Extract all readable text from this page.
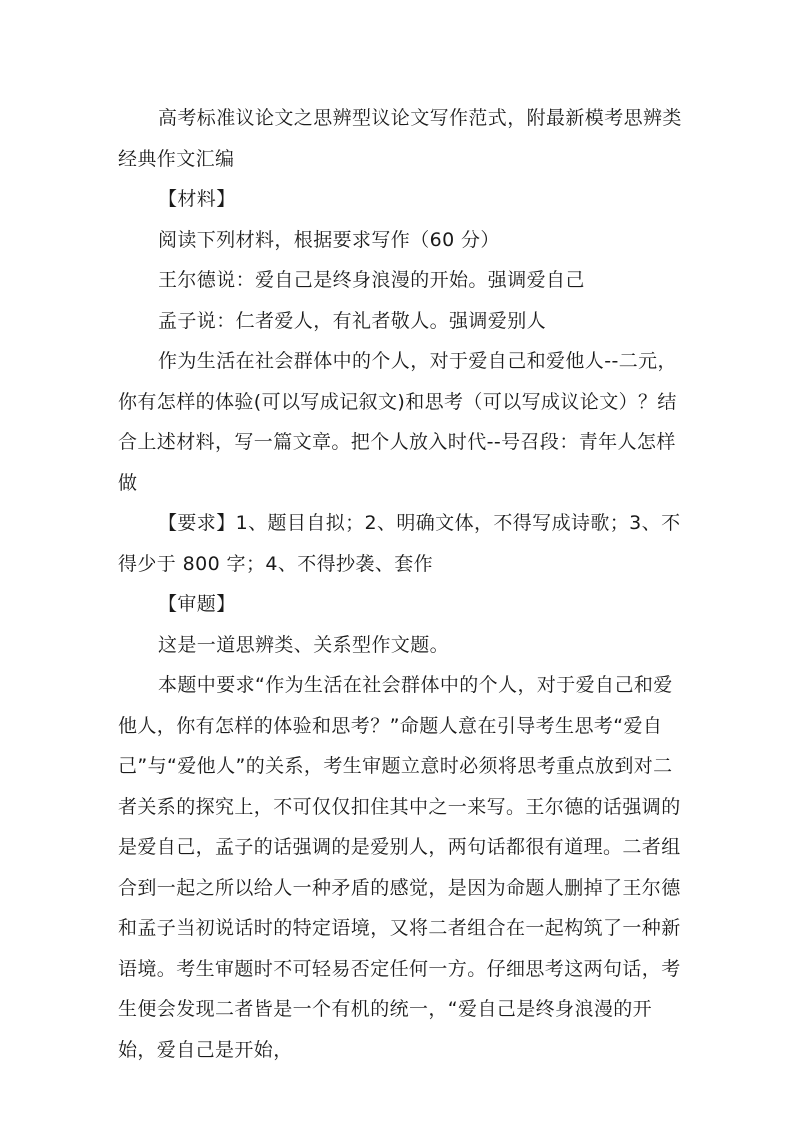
高考标准议论文之思辨型议论文写作范式，附最新模考思辨类经典作文汇编

【材料】

阅读下列材料，根据要求写作（60 分）

王尔德说：爱自己是终身浪漫的开始。强调爱自己

孟子说：仁者爱人，有礼者敬人。强调爱别人

作为生活在社会群体中的个人，对于爱自己和爱他人--二元，你有怎样的体验(可以写成记叙文)和思考（可以写成议论文）？结合上述材料，写一篇文章。把个人放入时代--号召段：青年人怎样做

【要求】1、题目自拟；2、明确文体，不得写成诗歌；3、不得少于 800 字；4、不得抄袭、套作

【审题】

这是一道思辨类、关系型作文题。

本题中要求“作为生活在社会群体中的个人，对于爱自己和爱他人，你有怎样的体验和思考？”命题人意在引导考生思考“爱自己”与“爱他人”的关系，考生审题立意时必须将思考重点放到对二者关系的探究上，不可仅仅扣住其中之一来写。王尔德的话强调的是爱自己，孟子的话强调的是爱别人，两句话都很有道理。二者组合到一起之所以给人一种矛盾的感觉，是因为命题人删掉了王尔德和孟子当初说话时的特定语境，又将二者组合在一起构筑了一种新语境。考生审题时不可轻易否定任何一方。仔细思考这两句话，考生便会发现二者皆是一个有机的统一，“爱自己是终身浪漫的开始，爱自己是开始，
